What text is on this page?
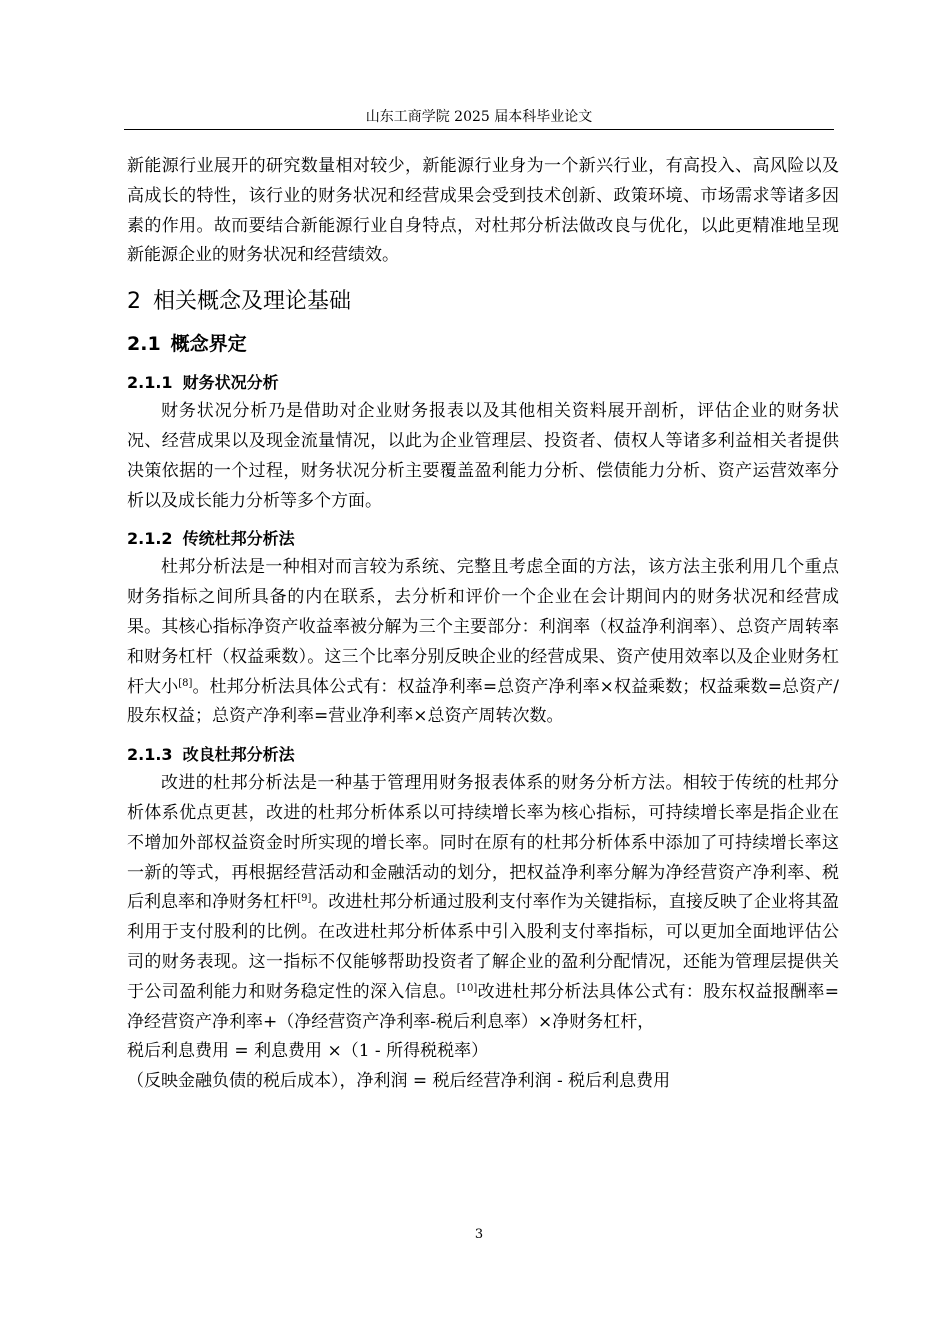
山东工商学院 2025 届本科毕业论文

新能源行业展开的研究数量相对较少，新能源行业身为一个新兴行业，有高投入、高风险以及高成长的特性，该行业的财务状况和经营成果会受到技术创新、政策环境、市场需求等诸多因素的作用。故而要结合新能源行业自身特点，对杜邦分析法做改良与优化，以此更精准地呈现新能源企业的财务状况和经营绩效。

2 相关概念及理论基础
2.1 概念界定
2.1.1 财务状况分析

财务状况分析乃是借助对企业财务报表以及其他相关资料展开剖析，评估企业的财务状况、经营成果以及现金流量情况，以此为企业管理层、投资者、债权人等诸多利益相关者提供决策依据的一个过程，财务状况分析主要覆盖盈利能力分析、偿债能力分析、资产运营效率分析以及成长能力分析等多个方面。

2.1.2 传统杜邦分析法

杜邦分析法是一种相对而言较为系统、完整且考虑全面的方法，该方法主张利用几个重点财务指标之间所具备的内在联系，去分析和评价一个企业在会计期间内的财务状况和经营成果。其核心指标净资产收益率被分解为三个主要部分：利润率（权益净利润率）、总资产周转率和财务杠杆（权益乘数）。这三个比率分别反映企业的经营成果、资产使用效率以及企业财务杠杆大小[8]。杜邦分析法具体公式有：权益净利率=总资产净利率×权益乘数；权益乘数=总资产/股东权益；总资产净利率=营业净利率×总资产周转次数。

2.1.3 改良杜邦分析法

改进的杜邦分析法是一种基于管理用财务报表体系的财务分析方法。相较于传统的杜邦分析体系优点更甚，改进的杜邦分析体系以可持续增长率为核心指标，可持续增长率是指企业在不增加外部权益资金时所实现的增长率。同时在原有的杜邦分析体系中添加了可持续增长率这一新的等式，再根据经营活动和金融活动的划分，把权益净利率分解为净经营资产净利率、税后利息率和净财务杠杆[9]。改进杜邦分析通过股利支付率作为关键指标，直接反映了企业将其盈利用于支付股利的比例。在改进杜邦分析体系中引入股利支付率指标，可以更加全面地评估公司的财务表现。这一指标不仅能够帮助投资者了解企业的盈利分配情况，还能为管理层提供关于公司盈利能力和财务稳定性的深入信息。[10]改进杜邦分析法具体公式有：股东权益报酬率=净经营资产净利率+（净经营资产净利率-税后利息率）×净财务杠杆，

税后利息费用 = 利息费用 ×（1 - 所得税税率）

（反映金融负债的税后成本），净利润 = 税后经营净利润 - 税后利息费用

3
